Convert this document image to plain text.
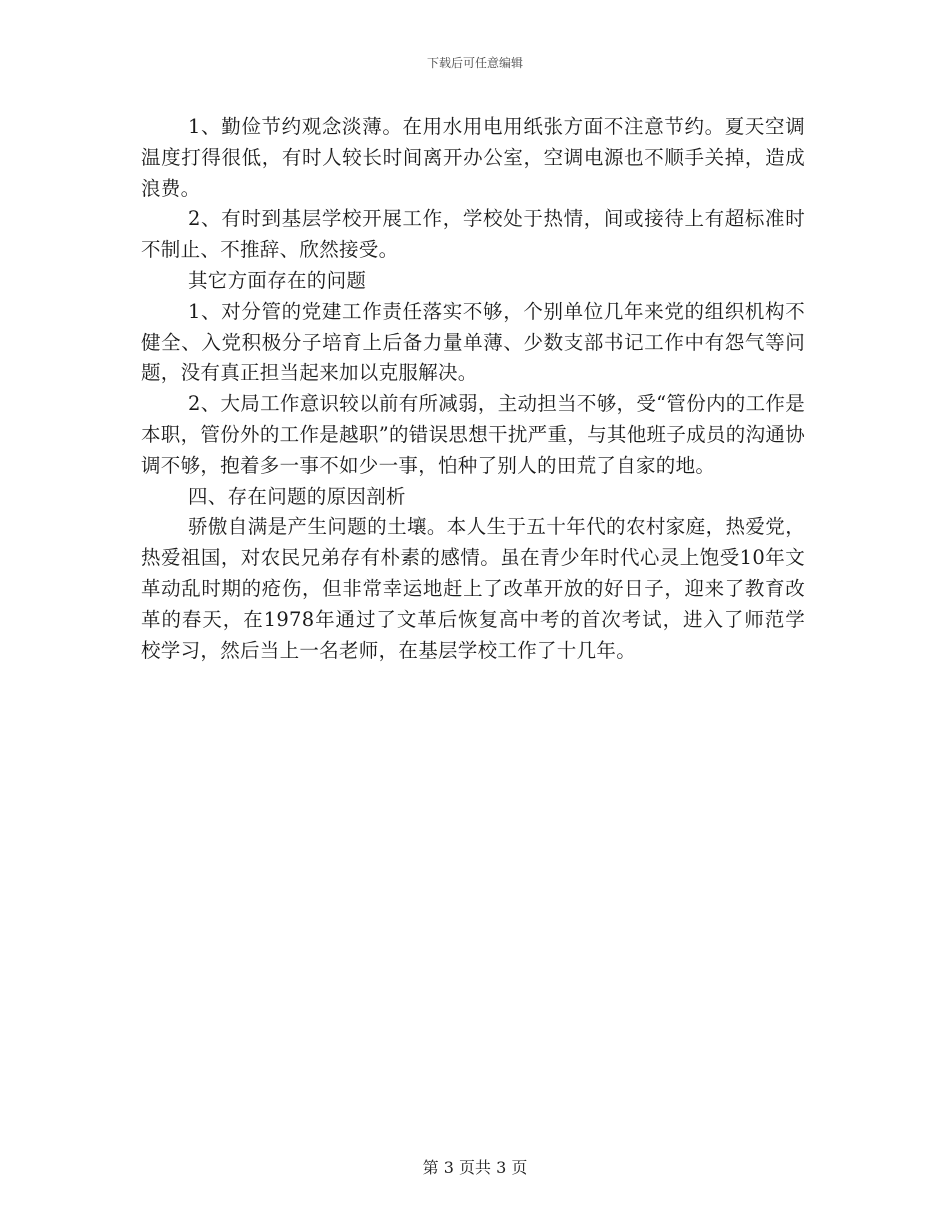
下载后可任意编辑

1、勤俭节约观念淡薄。在用水用电用纸张方面不注意节约。夏天空调温度打得很低，有时人较长时间离开办公室，空调电源也不顺手关掉，造成浪费。

2、有时到基层学校开展工作，学校处于热情，间或接待上有超标准时不制止、不推辞、欣然接受。

其它方面存在的问题

1、对分管的党建工作责任落实不够，个别单位几年来党的组织机构不健全、入党积极分子培育上后备力量单薄、少数支部书记工作中有怨气等问题，没有真正担当起来加以克服解决。

2、大局工作意识较以前有所减弱，主动担当不够，受“管份内的工作是本职，管份外的工作是越职”的错误思想干扰严重，与其他班子成员的沟通协调不够，抱着多一事不如少一事，怕种了别人的田荒了自家的地。

四、存在问题的原因剖析

骄傲自满是产生问题的土壤。本人生于五十年代的农村家庭，热爱党，热爱祖国，对农民兄弟存有朴素的感情。虽在青少年时代心灵上饱受10年文革动乱时期的疮伤，但非常幸运地赶上了改革开放的好日子，迎来了教育改革的春天，在1978年通过了文革后恢复高中考的首次考试，进入了师范学校学习，然后当上一名老师，在基层学校工作了十几年。

第 3 页共 3 页
